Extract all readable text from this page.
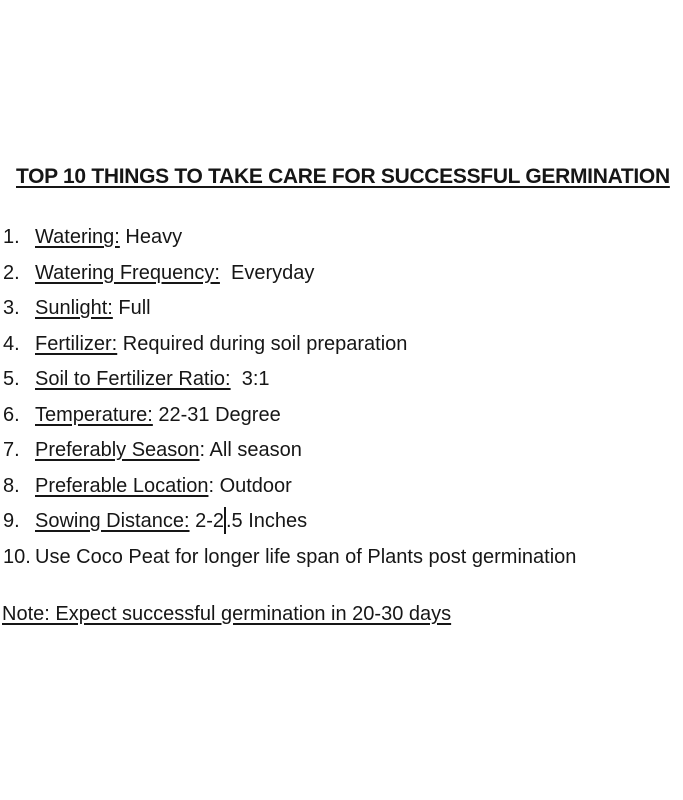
TOP 10 THINGS TO TAKE CARE FOR SUCCESSFUL GERMINATION
1. Watering: Heavy
2. Watering Frequency:  Everyday
3. Sunlight: Full
4. Fertilizer: Required during soil preparation
5. Soil to Fertilizer Ratio:  3:1
6. Temperature: 22-31 Degree
7. Preferably Season: All season
8. Preferable Location: Outdoor
9. Sowing Distance: 2-2 .5 Inches
10. Use Coco Peat for longer life span of Plants post germination
Note: Expect successful germination in 20-30 days
